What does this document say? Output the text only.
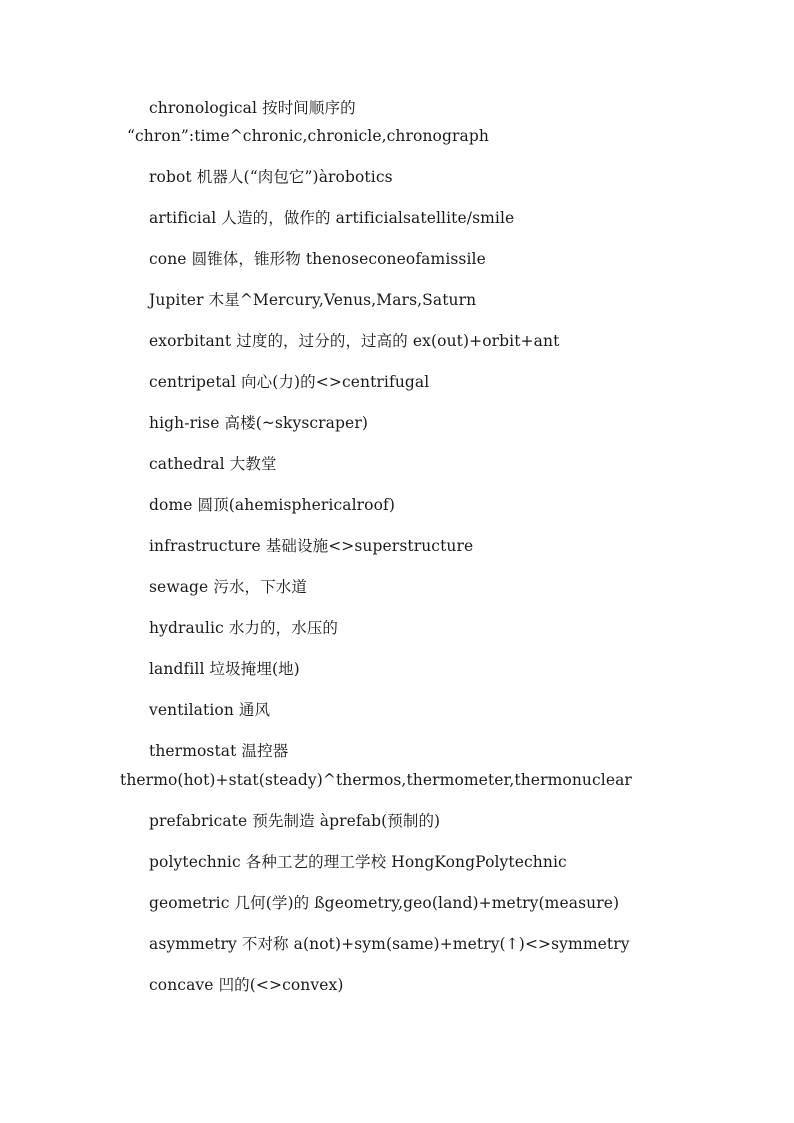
chronological 按时间顺序的
“chron”:time^chronic,chronicle,chronograph
robot 机器人(“肉包它”)àrobotics
artificial 人造的，做作的 artificialsatellite/smile
cone 圆锥体，锥形物 thenoseconeofamissile
Jupiter 木星^Mercury,Venus,Mars,Saturn
exorbitant 过度的，过分的，过高的 ex(out)+orbit+ant
centripetal 向心(力)的<>centrifugal
high-rise 高楼(~skyscraper)
cathedral 大教堂
dome 圆顶(ahemisphericalroof)
infrastructure 基础设施<>superstructure
sewage 污水，下水道
hydraulic 水力的，水压的
landfill 垃圾掩埋(地)
ventilation 通风
thermostat 温控器
thermo(hot)+stat(steady)^thermos,thermometer,thermonuclear
prefabricate 预先制造 àprefab(预制的)
polytechnic 各种工艺的理工学校 HongKongPolytechnic
geometric 几何(学)的 ßgeometry,geo(land)+metry(measure)
asymmetry 不对称 a(not)+sym(same)+metry(↑)<>symmetry
concave 凹的(<>convex)
